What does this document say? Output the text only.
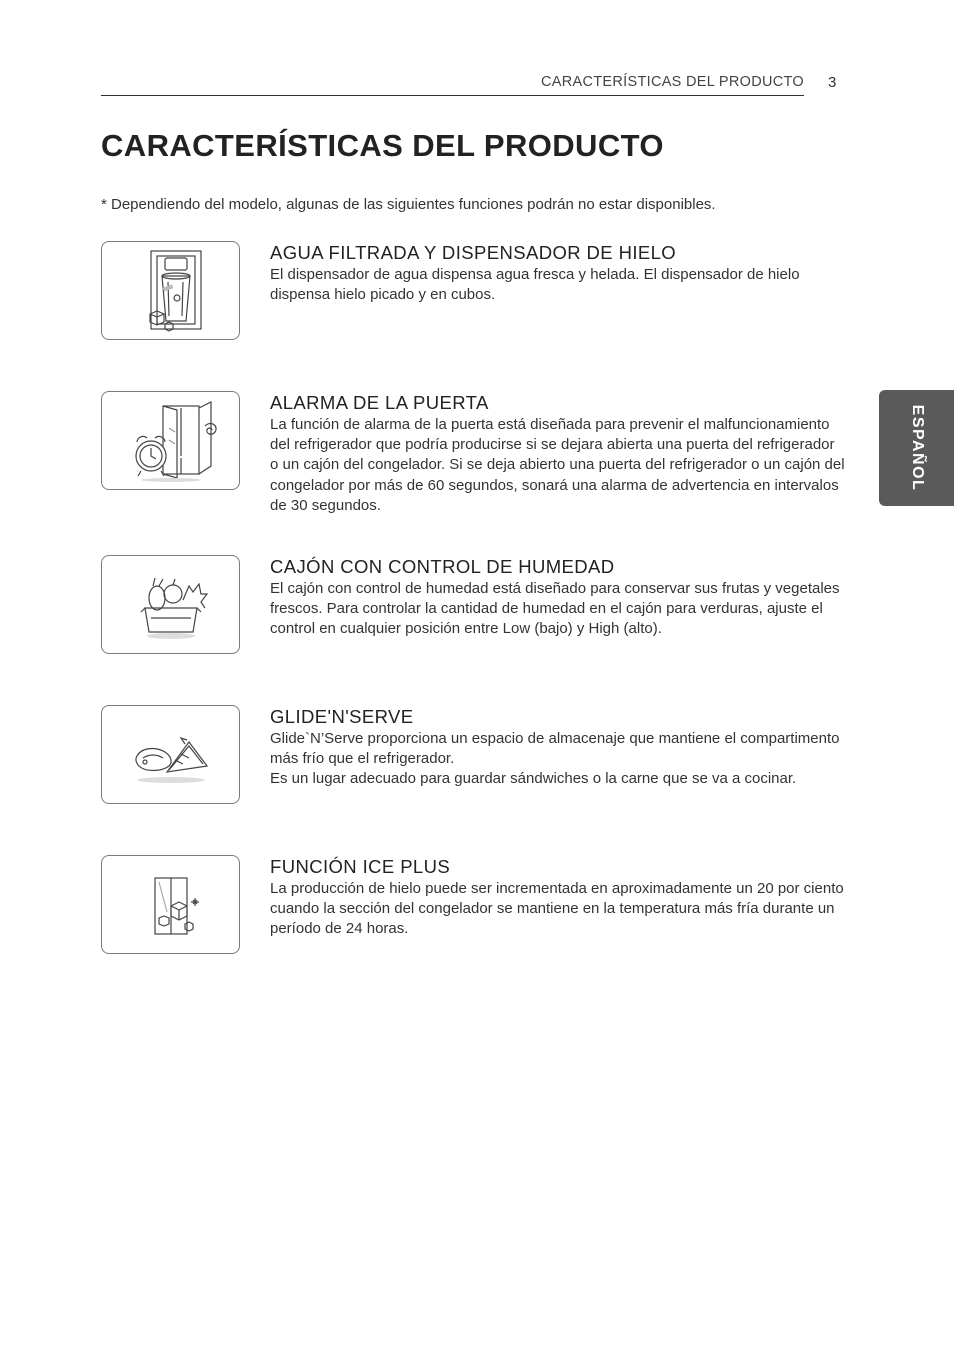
CARACTERÍSTICAS DEL PRODUCTO 3
CARACTERÍSTICAS DEL PRODUCTO
* Dependiendo del modelo, algunas de las siguientes funciones podrán no estar disponibles.
ESPAÑOL
AGUA FILTRADA Y DISPENSADOR DE HIELO

El dispensador de agua dispensa agua fresca y helada. El dispensador de hielo dispensa hielo picado y en cubos.

ALARMA DE LA PUERTA

La función de alarma de la puerta está diseñada para prevenir el malfuncionamiento del refrigerador que podría producirse si se dejara abierta una puerta del refrigerador o un cajón del congelador. Si se deja abierto una puerta del refrigerador o un cajón del congelador por más de 60 segundos, sonará una alarma de advertencia en intervalos de 30 segundos.

CAJÓN CON CONTROL DE HUMEDAD

El cajón con control de humedad está diseñado para conservar sus frutas y vegetales frescos. Para controlar la cantidad de humedad en el cajón para verduras, ajuste el control en cualquier posición entre Low (bajo) y High (alto).

GLIDE'N'SERVE

Glide`N’Serve proporciona un espacio de almacenaje que mantiene el compartimento más frío que el refrigerador.

Es un lugar adecuado para guardar sándwiches o la carne que se va a cocinar.

FUNCIÓN ICE PLUS

La producción de hielo puede ser incrementada en aproximadamente un 20 por ciento cuando la sección del congelador se mantiene en la temperatura más fría durante un período de 24 horas.
